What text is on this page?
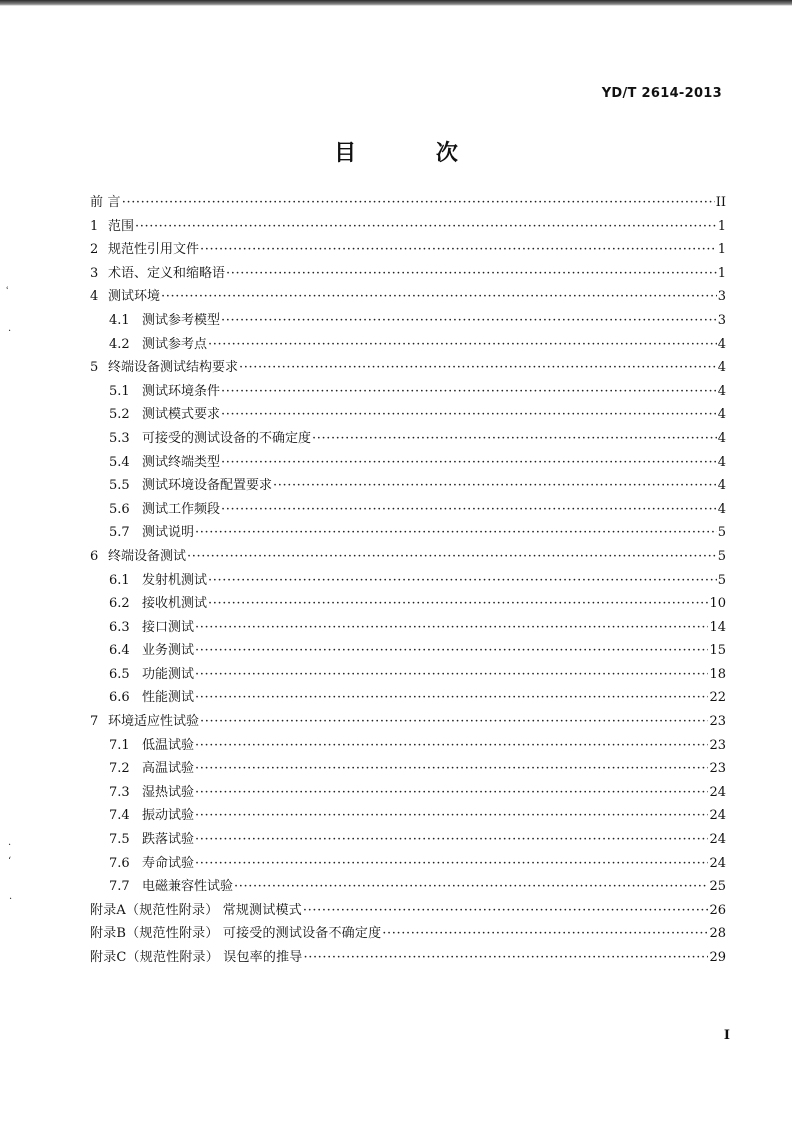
YD/T 2614-2013
目 次
前 言 ·····	II
1 范围 ·····	1
2 规范性引用文件 ·····	1
3 术语、定义和缩略语 ·····	1
4 测试环境 ·····	3
4.1 测试参考模型 ·····	3
4.2 测试参考点 ·····	4
5 终端设备测试结构要求 ·····	4
5.1 测试环境条件 ·····	4
5.2 测试模式要求 ·····	4
5.3 可接受的测试设备的不确定度 ·····	4
5.4 测试终端类型 ·····	4
5.5 测试环境设备配置要求 ·····	4
5.6 测试工作频段 ·····	4
5.7 测试说明 ·····	5
6 终端设备测试 ·····	5
6.1 发射机测试 ·····	5
6.2 接收机测试 ·····	10
6.3 接口测试 ·····	14
6.4 业务测试 ·····	15
6.5 功能测试 ·····	18
6.6 性能测试 ·····	22
7 环境适应性试验 ·····	23
7.1 低温试验 ·····	23
7.2 高温试验 ·····	23
7.3 湿热试验 ·····	24
7.4 振动试验 ·····	24
7.5 跌落试验 ·····	24
7.6 寿命试验 ·····	24
7.7 电磁兼容性试验 ·····	25
附录A（规范性附录） 常规测试模式 ·····	26
附录B（规范性附录） 可接受的测试设备不确定度 ·····	28
附录C（规范性附录） 误包率的推导 ·····	29
I
ʿ
·
·
ʻ
·
